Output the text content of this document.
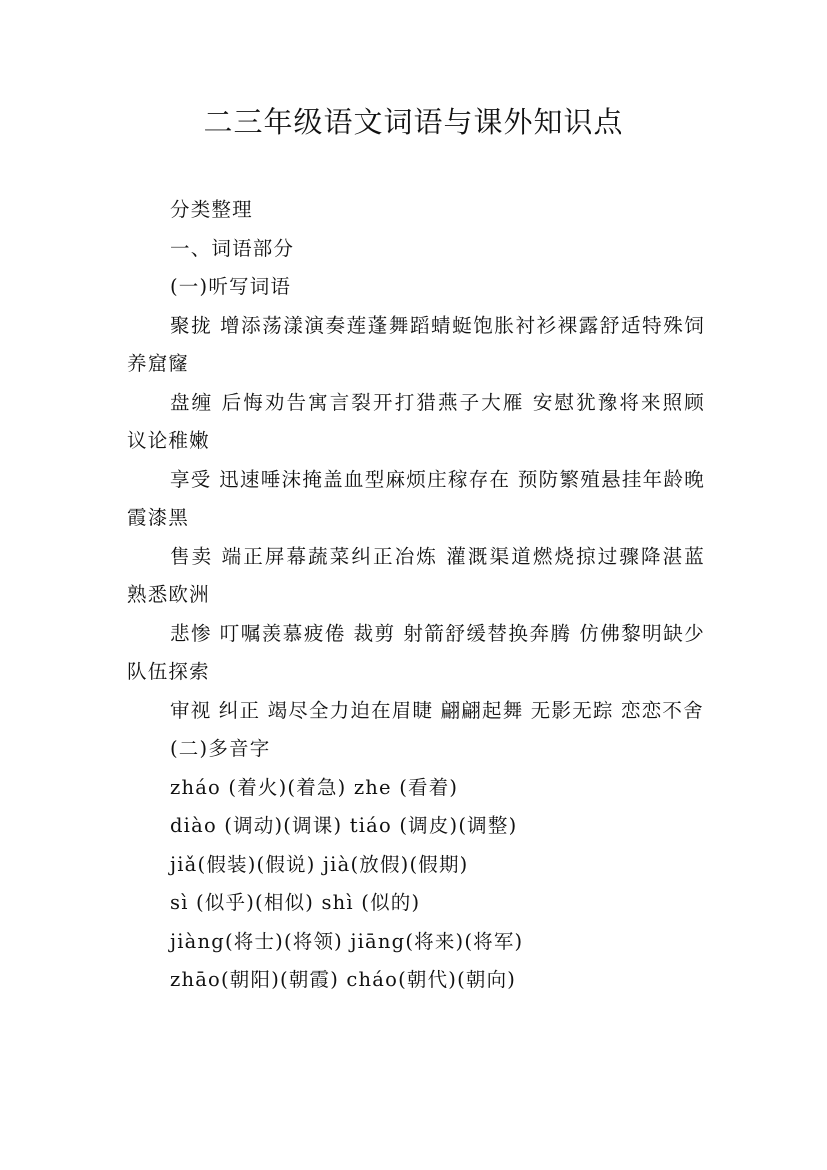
二三年级语文词语与课外知识点

分类整理

一、词语部分

(一)听写词语

聚拢 增添荡漾演奏莲蓬舞蹈蜻蜓饱胀衬衫裸露舒适特殊饲养窟窿

盘缠 后悔劝告寓言裂开打猎燕子大雁 安慰犹豫将来照顾 议论稚嫩

享受 迅速唾沫掩盖血型麻烦庄稼存在 预防繁殖悬挂年龄晚霞漆黑

售卖 端正屏幕蔬菜纠正冶炼 灌溉渠道燃烧掠过骤降湛蓝 熟悉欧洲

悲惨 叮嘱羡慕疲倦 裁剪 射箭舒缓替换奔腾 仿佛黎明缺少 队伍探索

审视 纠正 竭尽全力迫在眉睫 翩翩起舞 无影无踪 恋恋不舍

(二)多音字

zháo (着火)(着急) zhe (看着)

diào (调动)(调课) tiáo (调皮)(调整)

jiǎ(假装)(假说) jià(放假)(假期)

sì (似乎)(相似) shì (似的)

jiàng(将士)(将领) jiāng(将来)(将军)

zhāo(朝阳)(朝霞) cháo(朝代)(朝向)
